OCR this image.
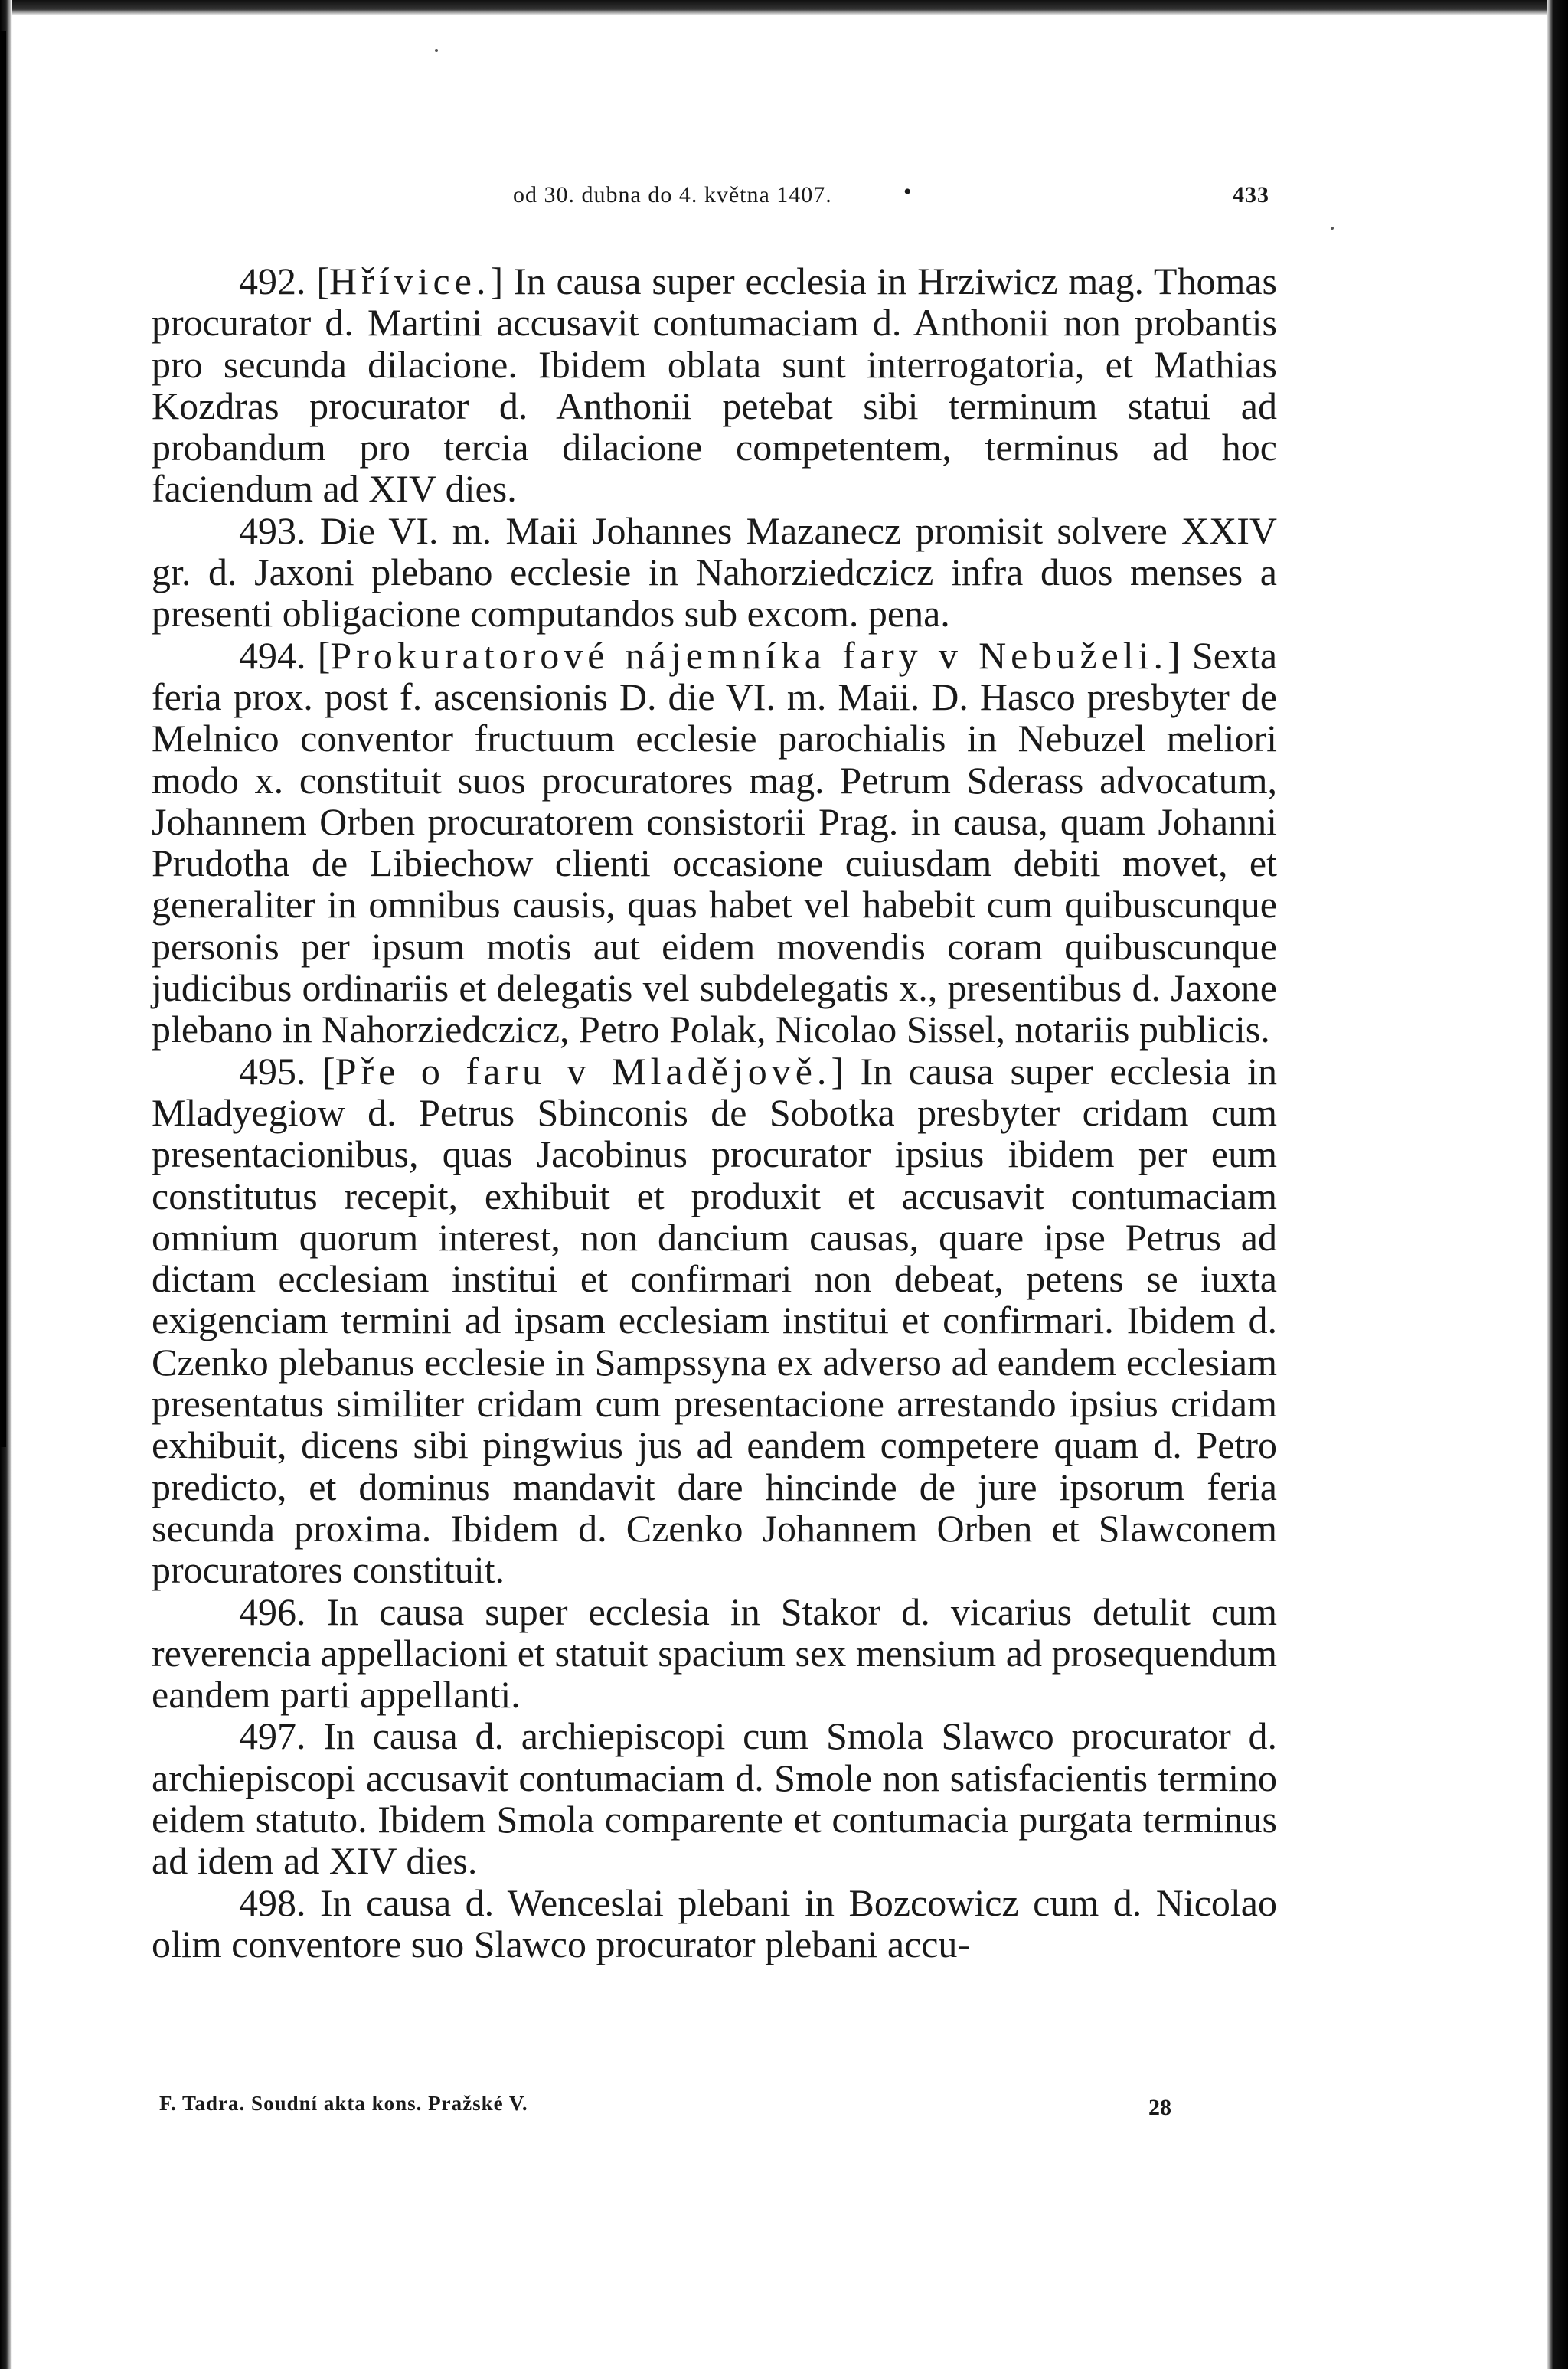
od 30. dubna do 4. května 1407.	•	433

492. [Hřívice.] In causa super ecclesia in Hrziwicz mag. Thomas procurator d. Martini accusavit contumaciam d. Anthonii non probantis pro secunda dilacione. Ibidem oblata sunt interrogatoria, et Mathias Kozdras procurator d. Anthonii petebat sibi terminum statui ad probandum pro tercia dilacione competentem, terminus ad hoc faciendum ad XIV dies.

493. Die VI. m. Maii Johannes Mazanecz promisit solvere XXIV gr. d. Jaxoni plebano ecclesie in Nahorziedczicz infra duos menses a presenti obligacione computandos sub excom. pena.

494. [Prokuratorové nájemníka fary v Nebuželi.] Sexta feria prox. post f. ascensionis D. die VI. m. Maii. D. Hasco presbyter de Melnico conventor fructuum ecclesie parochialis in Nebuzel meliori modo x. constituit suos procuratores mag. Petrum Sderass advocatum, Johannem Orben procuratorem consistorii Prag. in causa, quam Johanni Prudotha de Libiechow clienti occasione cuiusdam debiti movet, et generaliter in omnibus causis, quas habet vel habebit cum quibuscunque personis per ipsum motis aut eidem movendis coram quibuscunque judicibus ordinariis et delegatis vel subdelegatis x., presentibus d. Jaxone plebano in Nahorziedczicz, Petro Polak, Nicolao Sissel, notariis publicis.

495. [Pře o faru v Mladějově.] In causa super ecclesia in Mladyegiow d. Petrus Sbinconis de Sobotka presbyter cridam cum presentacionibus, quas Jacobinus procurator ipsius ibidem per eum constitutus recepit, exhibuit et produxit et accusavit contumaciam omnium quorum interest, non dancium causas, quare ipse Petrus ad dictam ecclesiam institui et confirmari non debeat, petens se iuxta exigenciam termini ad ipsam ecclesiam institui et confirmari. Ibidem d. Czenko plebanus ecclesie in Sampssyna ex adverso ad eandem ecclesiam presentatus similiter cridam cum presentacione arrestando ipsius cridam exhibuit, dicens sibi pingwius jus ad eandem competere quam d. Petro predicto, et dominus mandavit dare hincinde de jure ipsorum feria secunda proxima. Ibidem d. Czenko Johannem Orben et Slawconem procuratores constituit.

496. In causa super ecclesia in Stakor d. vicarius detulit cum reverencia appellacioni et statuit spacium sex mensium ad prosequendum eandem parti appellanti.

497. In causa d. archiepiscopi cum Smola Slawco procurator d. archiepiscopi accusavit contumaciam d. Smole non satisfacientis termino eidem statuto. Ibidem Smola comparente et contumacia purgata terminus ad idem ad XIV dies.

498. In causa d. Wenceslai plebani in Bozcowicz cum d. Nicolao olim conventore suo Slawco procurator plebani accu-

F. Tadra. Soudní akta kons. Pražské V.	28
